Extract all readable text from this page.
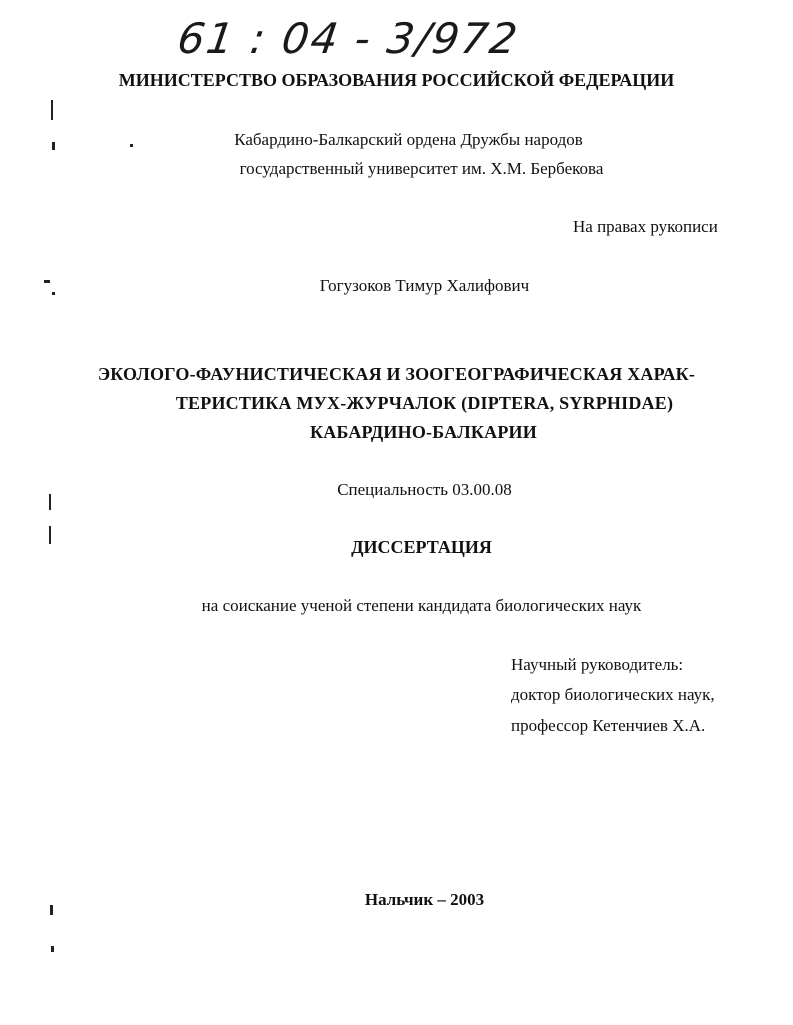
61 : 04 - 3/972
МИНИСТЕРСТВО ОБРАЗОВАНИЯ РОССИЙСКОЙ ФЕДЕРАЦИИ
Кабардино-Балкарский ордена Дружбы народов
государственный университет им. Х.М. Бербекова
На правах рукописи
Гогузоков Тимур Халифович
ЭКОЛОГО-ФАУНИСТИЧЕСКАЯ И ЗООГЕОГРАФИЧЕСКАЯ ХАРАК-
ТЕРИСТИКА МУХ-ЖУРЧАЛОК (DIPTERA, SYRPHIDAE)
КАБАРДИНО-БАЛКАРИИ
Специальность 03.00.08
ДИССЕРТАЦИЯ
на соискание ученой степени кандидата биологических наук
Научный руководитель:
доктор биологических наук,
профессор Кетенчиев Х.А.
Нальчик – 2003
